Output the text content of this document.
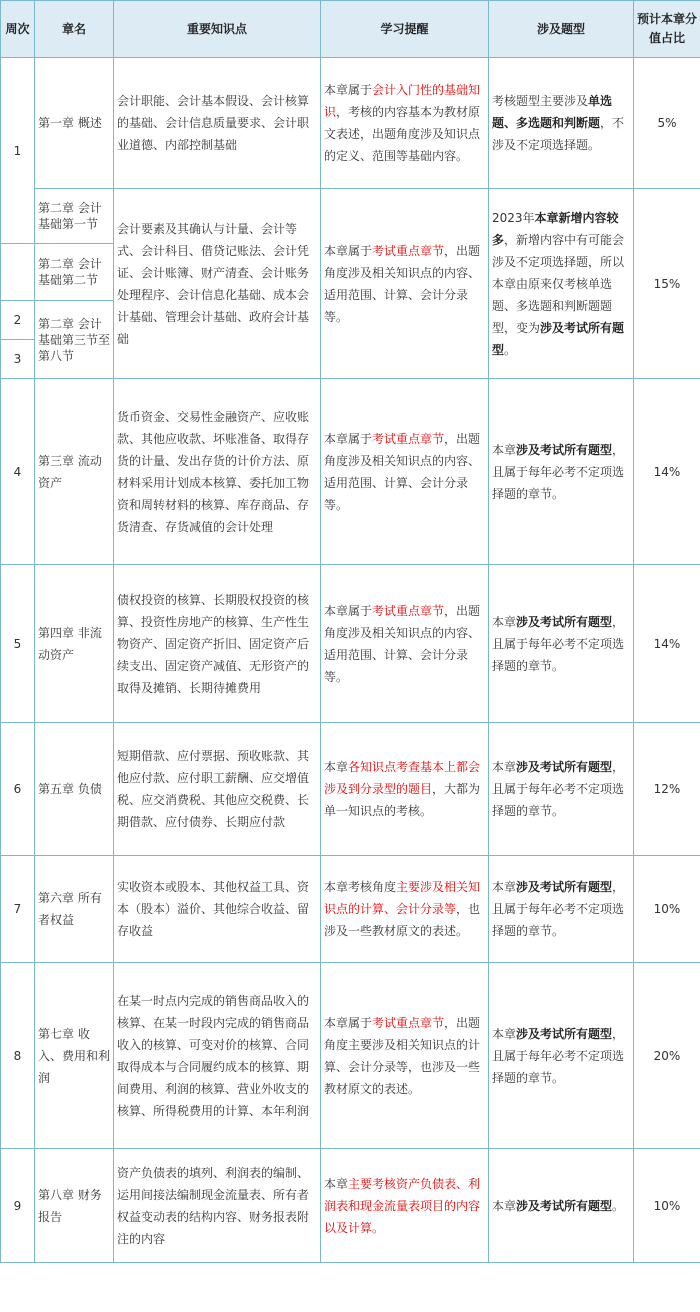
周次	章名	重要知识点	学习提醒	涉及题型	预计本章分值占比
1	第一章 概述	会计职能、会计基本假设、会计核算的基础、会计信息质量要求、会计职业道德、内部控制基础	本章属于会计入门性的基础知识，考核的内容基本为教材原文表述，出题角度涉及知识点的定义、范围等基础内容。	考核题型主要涉及单选题、多选题和判断题，不涉及不定项选择题。	5%
	第二章 会计基础第一节	会计要素及其确认与计量、会计等式、会计科目、借贷记账法、会计凭证、会计账簿、财产清查、会计账务处理程序、会计信息化基础、成本会计基础、管理会计基础、政府会计基础	本章属于考试重点章节，出题角度涉及相关知识点的内容、适用范围、计算、会计分录等。	2023年本章新增内容较多，新增内容中有可能会涉及不定项选择题，所以本章由原来仅考核单选题、多选题和判断题题型，变为涉及考试所有题型。	15%
	第二章 会计基础第二节				
2	第二章 会计基础第三节至第八节				
3					
4	第三章 流动资产	货币资金、交易性金融资产、应收账款、其他应收款、坏账准备、取得存货的计量、发出存货的计价方法、原材料采用计划成本核算、委托加工物资和周转材料的核算、库存商品、存货清查、存货减值的会计处理	本章属于考试重点章节，出题角度涉及相关知识点的内容、适用范围、计算、会计分录等。	本章涉及考试所有题型，且属于每年必考不定项选择题的章节。	14%
5	第四章 非流动资产	债权投资的核算、长期股权投资的核算、投资性房地产的核算、生产性生物资产、固定资产折旧、固定资产后续支出、固定资产减值、无形资产的取得及摊销、长期待摊费用	本章属于考试重点章节，出题角度涉及相关知识点的内容、适用范围、计算、会计分录等。	本章涉及考试所有题型，且属于每年必考不定项选择题的章节。	14%
6	第五章 负债	短期借款、应付票据、预收账款、其他应付款、应付职工薪酬、应交增值税、应交消费税、其他应交税费、长期借款、应付债券、长期应付款	本章各知识点考查基本上都会涉及到分录型的题目，大都为单一知识点的考核。	本章涉及考试所有题型，且属于每年必考不定项选择题的章节。	12%
7	第六章 所有者权益	实收资本或股本、其他权益工具、资本（股本）溢价、其他综合收益、留存收益	本章考核角度主要涉及相关知识点的计算、会计分录等，也涉及一些教材原文的表述。	本章涉及考试所有题型，且属于每年必考不定项选择题的章节。	10%
8	第七章 收入、费用和利润	在某一时点内完成的销售商品收入的核算、在某一时段内完成的销售商品收入的核算、可变对价的核算、合同取得成本与合同履约成本的核算、期间费用、利润的核算、营业外收支的核算、所得税费用的计算、本年利润	本章属于考试重点章节，出题角度主要涉及相关知识点的计算、会计分录等，也涉及一些教材原文的表述。	本章涉及考试所有题型，且属于每年必考不定项选择题的章节。	20%
9	第八章 财务报告	资产负债表的填列、利润表的编制、运用间接法编制现金流量表、所有者权益变动表的结构内容、财务报表附注的内容	本章主要考核资产负债表、利润表和现金流量表项目的内容以及计算。	本章涉及考试所有题型。	10%
